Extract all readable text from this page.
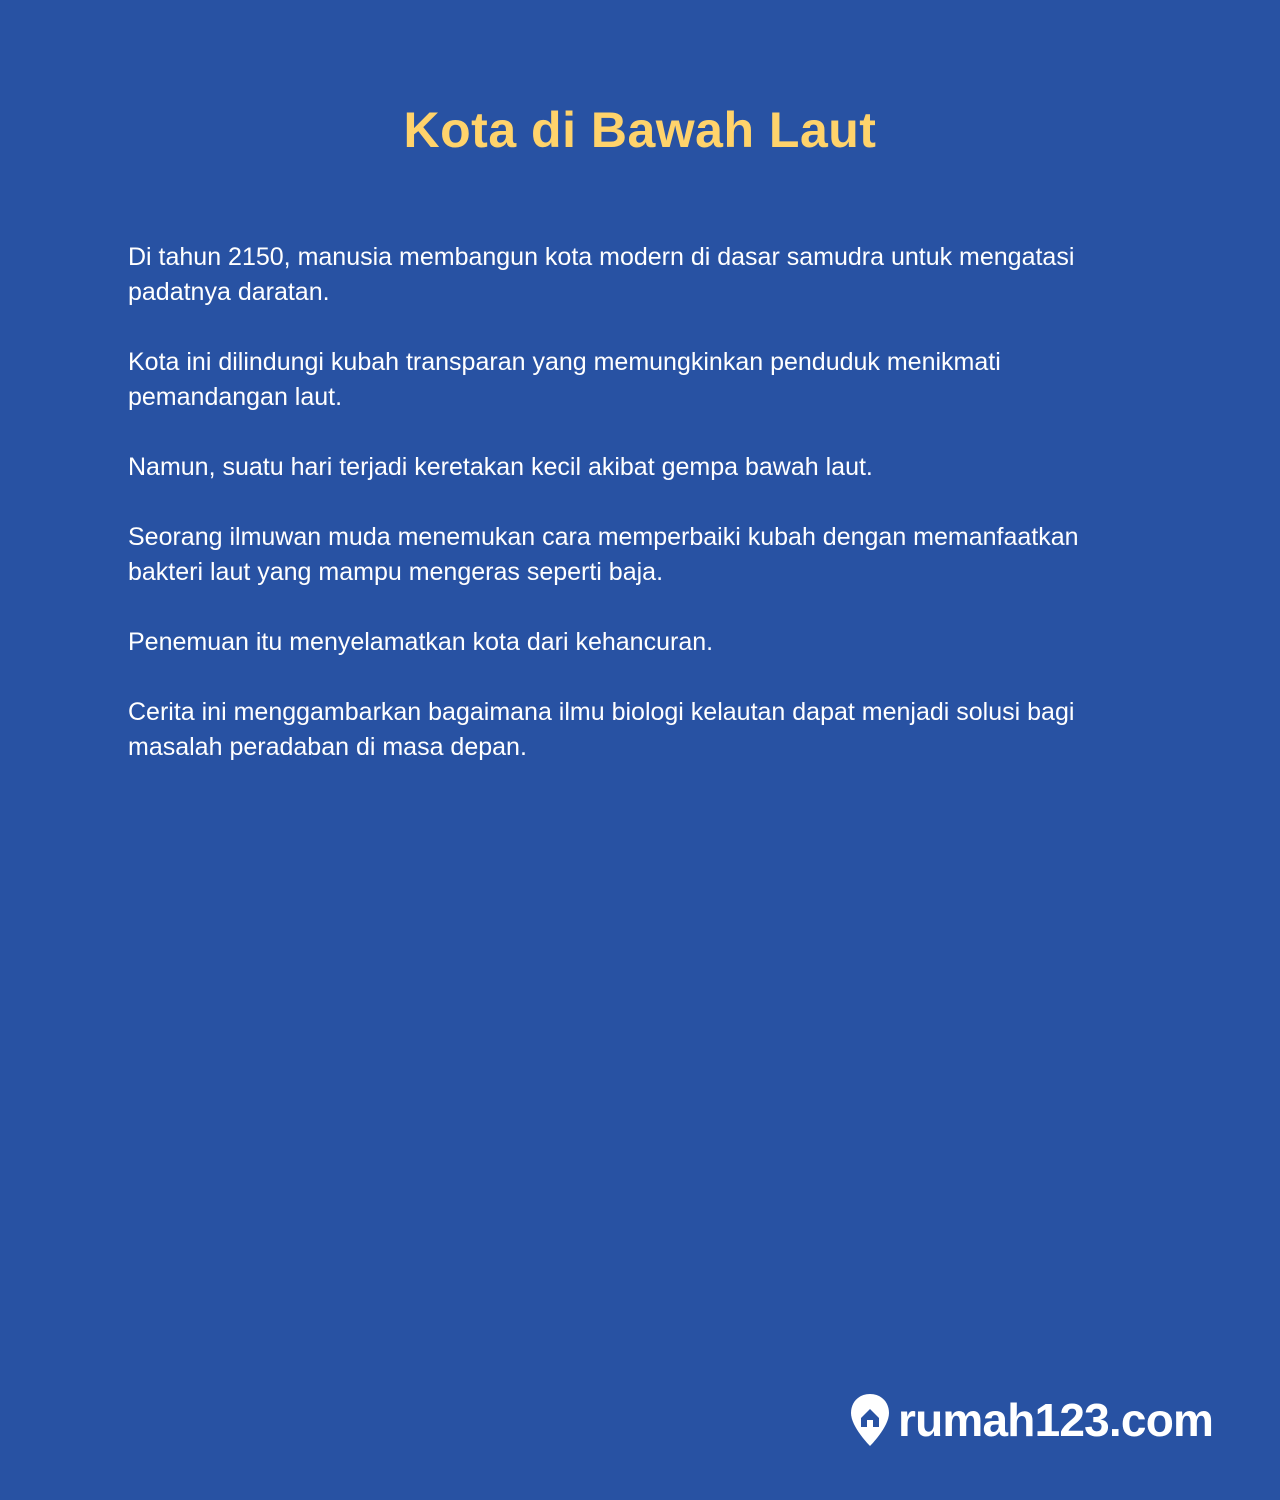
Kota di Bawah Laut

Di tahun 2150, manusia membangun kota modern di dasar samudra untuk mengatasi padatnya daratan.

Kota ini dilindungi kubah transparan yang memungkinkan penduduk menikmati pemandangan laut.

Namun, suatu hari terjadi keretakan kecil akibat gempa bawah laut.

Seorang ilmuwan muda menemukan cara memperbaiki kubah dengan memanfaatkan bakteri laut yang mampu mengeras seperti baja.

Penemuan itu menyelamatkan kota dari kehancuran.

Cerita ini menggambarkan bagaimana ilmu biologi kelautan dapat menjadi solusi bagi masalah peradaban di masa depan.

rumah123.com
